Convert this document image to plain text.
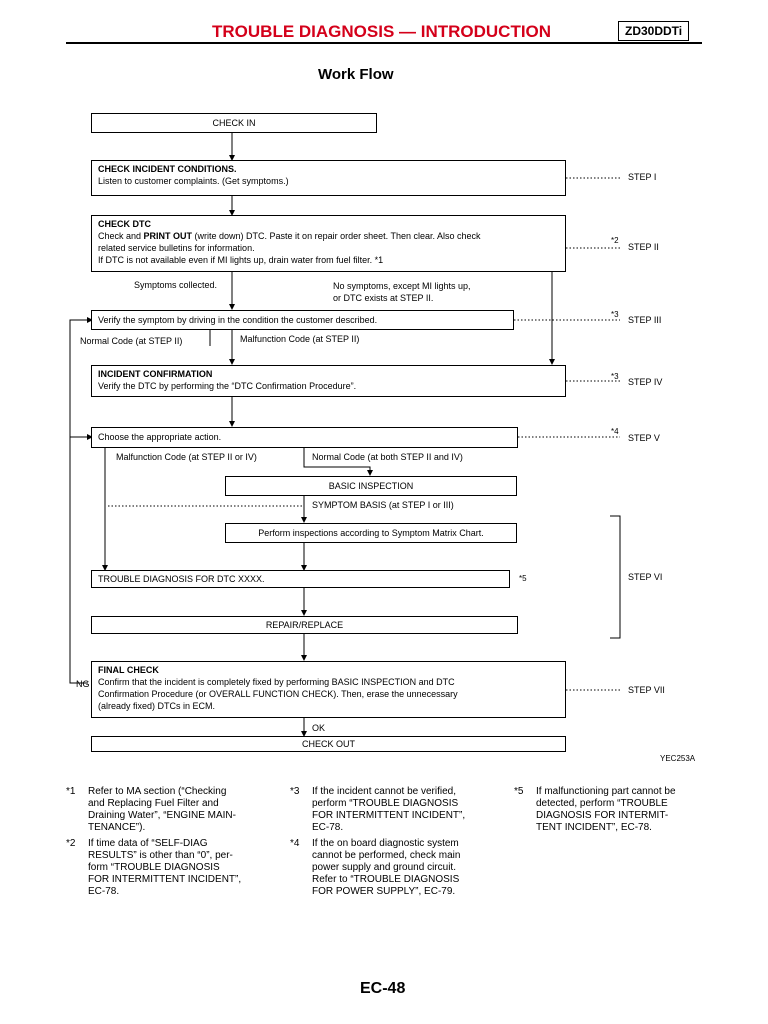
TROUBLE DIAGNOSIS — INTRODUCTION	ZD30DDTi
Work Flow
CHECK IN
CHECK INCIDENT CONDITIONS.
Listen to customer complaints. (Get symptoms.)
CHECK DTC
Check and PRINT OUT (write down) DTC. Paste it on repair order sheet. Then clear. Also check
related service bulletins for information.
If DTC is not available even if MI lights up, drain water from fuel filter. *1
Verify the symptom by driving in the condition the customer described.
INCIDENT CONFIRMATION
Verify the DTC by performing the “DTC Confirmation Procedure”.
Choose the appropriate action.
BASIC INSPECTION
Perform inspections according to Symptom Matrix Chart.
TROUBLE DIAGNOSIS FOR DTC XXXX.
REPAIR/REPLACE
FINAL CHECK
Confirm that the incident is completely fixed by performing BASIC INSPECTION and DTC
Confirmation Procedure (or OVERALL FUNCTION CHECK). Then, erase the unnecessary
(already fixed) DTCs in ECM.
CHECK OUT
Symptoms collected.	No symptoms, except MI lights up,
or DTC exists at STEP II.
Normal Code (at STEP II)	Malfunction Code (at STEP II)
Malfunction Code (at STEP II or IV)	Normal Code (at both STEP II and IV)
SYMPTOM BASIS (at STEP I or III)
NG
OK
*2
*3
*3
*4
*5
STEP I
STEP II
STEP III
STEP IV
STEP V
STEP VI
STEP VII
YEC253A
*1 Refer to MA section (“Checking
and Replacing Fuel Filter and
Draining Water”, “ENGINE MAIN-
TENANCE”).
*2 If time data of “SELF-DIAG
RESULTS” is other than “0”, per-
form “TROUBLE DIAGNOSIS
FOR INTERMITTENT INCIDENT”,
EC-78.
*3 If the incident cannot be verified,
perform “TROUBLE DIAGNOSIS
FOR INTERMITTENT INCIDENT”,
EC-78.
*4 If the on board diagnostic system
cannot be performed, check main
power supply and ground circuit.
Refer to “TROUBLE DIAGNOSIS
FOR POWER SUPPLY”, EC-79.
*5 If malfunctioning part cannot be
detected, perform “TROUBLE
DIAGNOSIS FOR INTERMIT-
TENT INCIDENT”, EC-78.
EC-48
